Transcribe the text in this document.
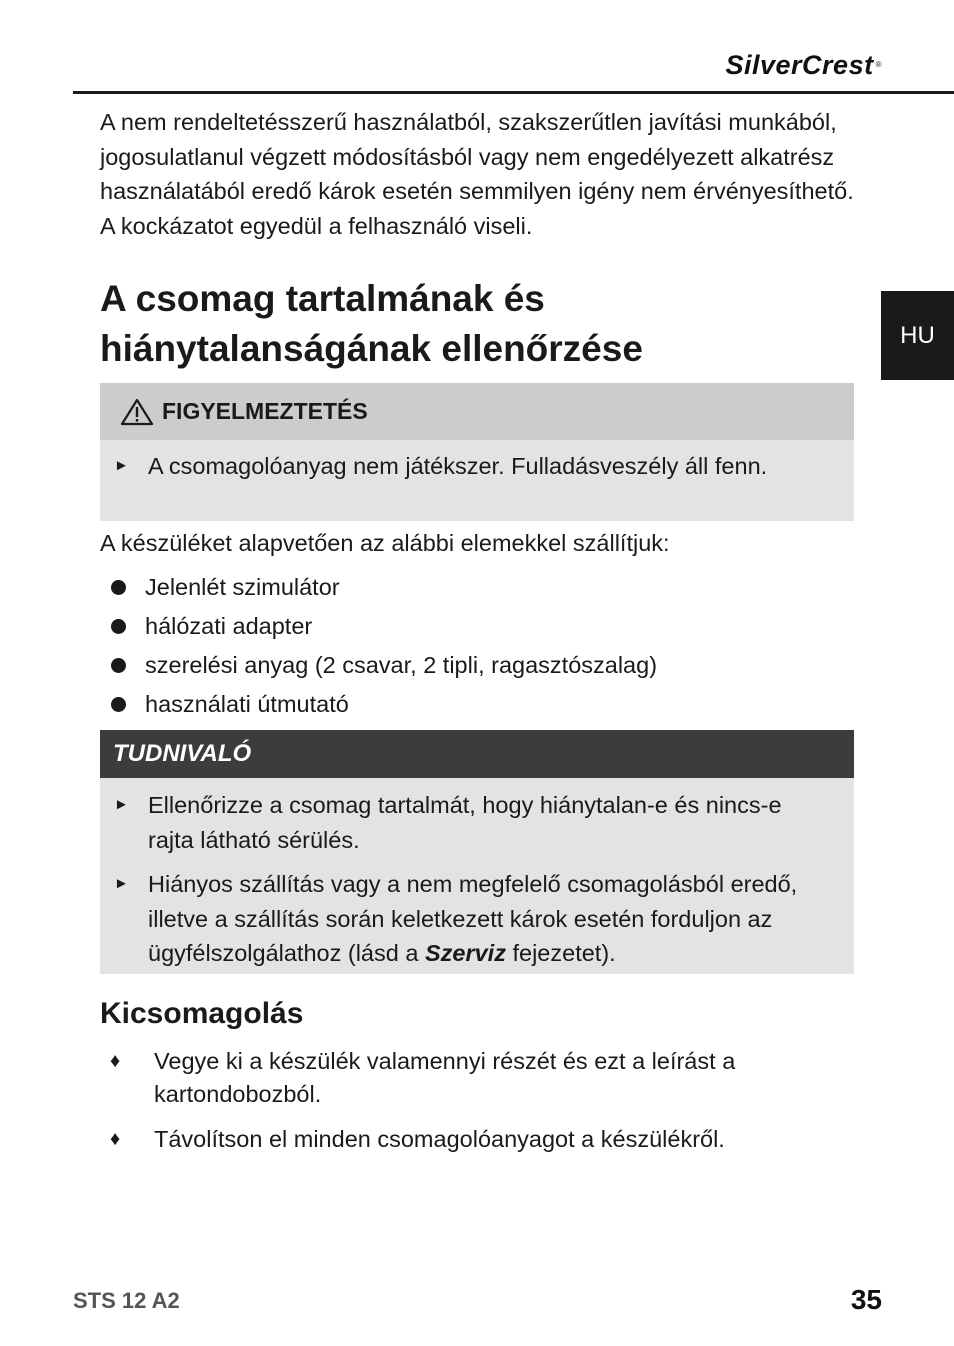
SilverCrest ®
HU

A nem rendeltetésszerű használatból, szakszerűtlen javítási munkából, jogosulatlanul végzett módosításból vagy nem engedélyezett alkatrész használatából eredő károk esetén semmilyen igény nem érvényesíthető. A kockázatot egyedül a felhasználó viseli.

A csomag tartalmának és hiánytalanságának ellenőrzése
FIGYELMEZTETÉS
► A csomagolóanyag nem játékszer. Fulladásveszély áll fenn.

A készüléket alapvetően az alábbi elemekkel szállítjuk:

Jelenlét szimulátor
hálózati adapter
szerelési anyag (2 csavar, 2 tipli, ragasztószalag)
használati útmutató
TUDNIVALÓ
► Ellenőrizze a csomag tartalmát, hogy hiánytalan-e és nincs-e rajta látható sérülés.
► Hiányos szállítás vagy a nem megfelelő csomagolásból eredő, illetve a szállítás során keletkezett károk esetén forduljon az ügyfélszolgálathoz (lásd a Szerviz fejezetet).
Kicsomagolás
♦	Vegye ki a készülék valamennyi részét és ezt a leírást a kartondobozból.
♦	Távolítson el minden csomagolóanyagot a készülékről.
STS 12 A2	35
